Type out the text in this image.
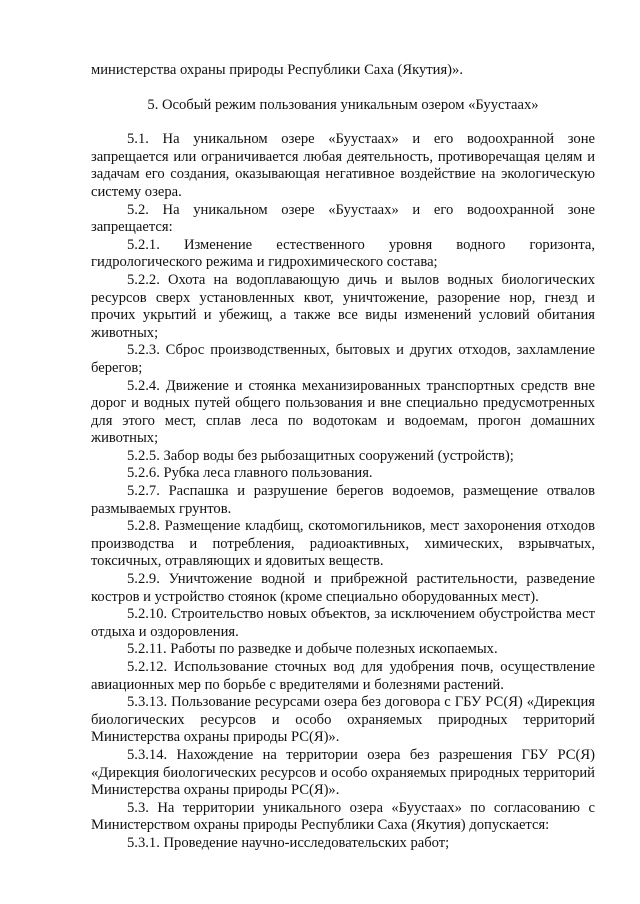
министерства охраны природы Республики Саха (Якутия)».

5. Особый режим пользования уникальным озером «Буустаах»

5.1. На уникальном озере «Буустаах» и его водоохранной зоне запрещается или ограничивается любая деятельность, противоречащая целям и задачам его создания, оказывающая негативное воздействие на экологическую систему озера.

5.2. На уникальном озере «Буустаах» и его водоохранной зоне запрещается:

5.2.1. Изменение естественного уровня водного горизонта, гидрологического режима и гидрохимического состава;

5.2.2. Охота на водоплавающую дичь и вылов водных биологических ресурсов сверх установленных квот, уничтожение, разорение нор, гнезд и прочих укрытий и убежищ, а также все виды изменений условий обитания животных;

5.2.3. Сброс производственных, бытовых и других отходов, захламление берегов;

5.2.4. Движение и стоянка механизированных транспортных средств вне дорог и водных путей общего пользования и вне специально предусмотренных для этого мест, сплав леса по водотокам и водоемам, прогон домашних животных;

5.2.5. Забор воды без рыбозащитных сооружений (устройств);

5.2.6. Рубка леса главного пользования.

5.2.7. Распашка и разрушение берегов водоемов, размещение отвалов размываемых грунтов.

5.2.8. Размещение кладбищ, скотомогильников, мест захоронения отходов производства и потребления, радиоактивных, химических, взрывчатых, токсичных, отравляющих и ядовитых веществ.

5.2.9. Уничтожение водной и прибрежной растительности, разведение костров и устройство стоянок (кроме специально оборудованных мест).

5.2.10. Строительство новых объектов, за исключением обустройства мест отдыха и оздоровления.

5.2.11. Работы по разведке и добыче полезных ископаемых.

5.2.12. Использование сточных вод для удобрения почв, осуществление авиационных мер по борьбе с вредителями и болезнями растений.

5.3.13. Пользование ресурсами озера без договора с ГБУ РС(Я) «Дирекция биологических ресурсов и особо охраняемых природных территорий Министерства охраны природы РС(Я)».

5.3.14. Нахождение на территории озера без разрешения ГБУ РС(Я) «Дирекция биологических ресурсов и особо охраняемых природных территорий Министерства охраны природы РС(Я)».

5.3. На территории уникального озера «Буустаах» по согласованию с Министерством охраны природы Республики Саха (Якутия) допускается:

5.3.1. Проведение научно-исследовательских работ;
